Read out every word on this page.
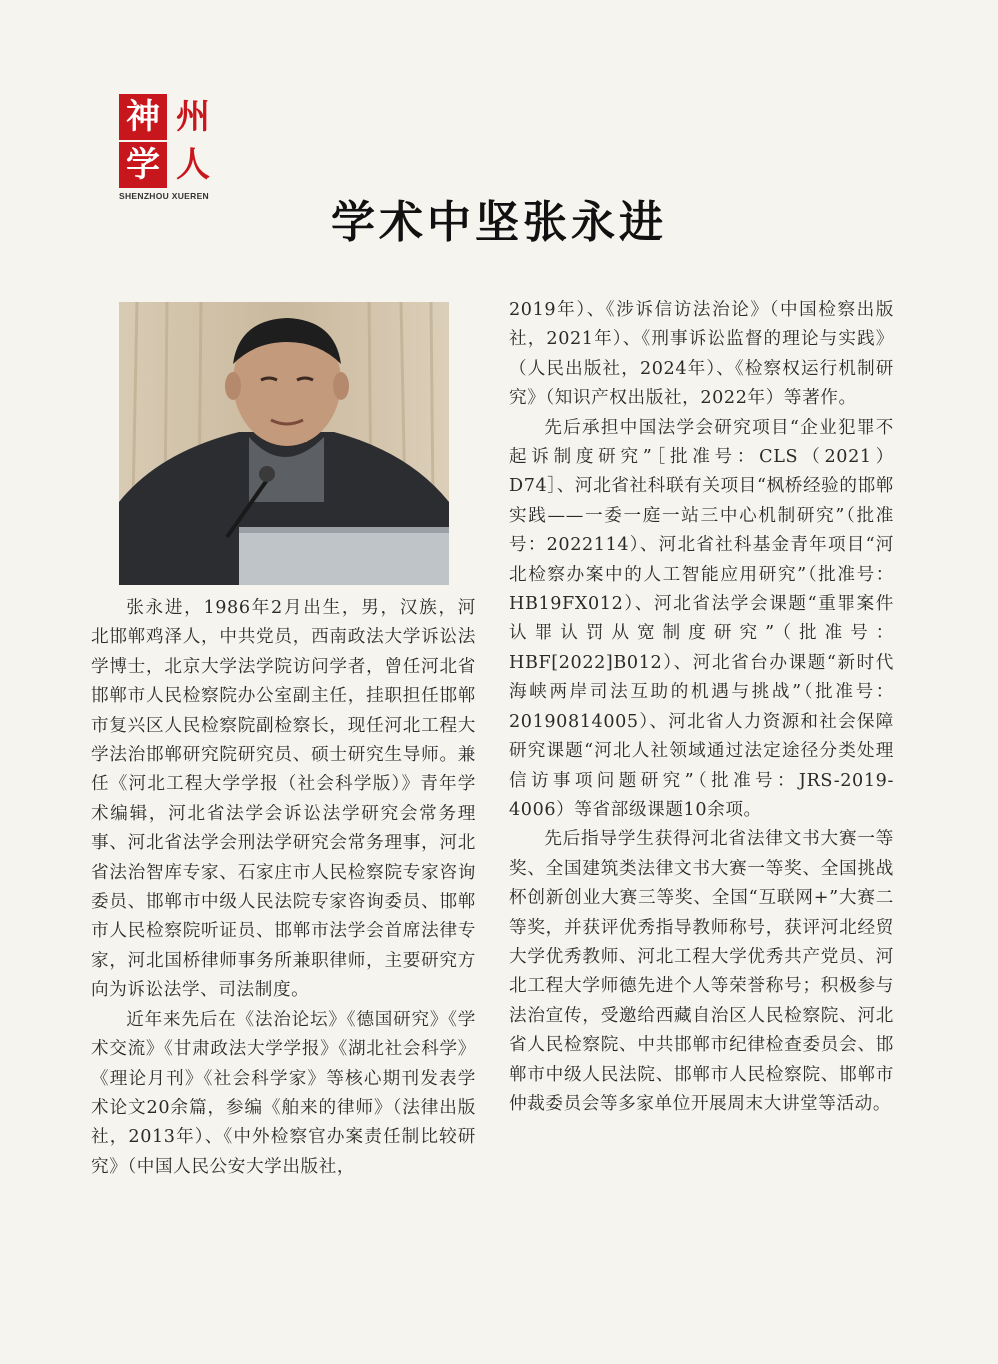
神 州
学 人
SHENZHOU XUEREN
学术中坚张永进

张永进，1986年2月出生，男，汉族，河北邯郸鸡泽人，中共党员，西南政法大学诉讼法学博士，北京大学法学院访问学者，曾任河北省邯郸市人民检察院办公室副主任，挂职担任邯郸市复兴区人民检察院副检察长，现任河北工程大学法治邯郸研究院研究员、硕士研究生导师。兼任《河北工程大学学报（社会科学版）》青年学术编辑，河北省法学会诉讼法学研究会常务理事、河北省法学会刑法学研究会常务理事，河北省法治智库专家、石家庄市人民检察院专家咨询委员、邯郸市中级人民法院专家咨询委员、邯郸市人民检察院听证员、邯郸市法学会首席法律专家，河北国桥律师事务所兼职律师，主要研究方向为诉讼法学、司法制度。

近年来先后在《法治论坛》《德国研究》《学术交流》《甘肃政法大学学报》《湖北社会科学》《理论月刊》《社会科学家》等核心期刊发表学术论文20余篇，参编《舶来的律师》（法律出版社，2013年）、《中外检察官办案责任制比较研究》（中国人民公安大学出版社，

2019年）、《涉诉信访法治论》（中国检察出版社，2021年）、《刑事诉讼监督的理论与实践》（人民出版社，2024年）、《检察权运行机制研究》（知识产权出版社，2022年）等著作。

先后承担中国法学会研究项目“企业犯罪不起诉制度研究”［批准号：CLS（2021）D74］、河北省社科联有关项目“枫桥经验的邯郸实践——一委一庭一站三中心机制研究”（批准号：2022114）、河北省社科基金青年项目“河北检察办案中的人工智能应用研究”（批准号：HB19FX012）、河北省法学会课题“重罪案件认罪认罚从宽制度研究”（批准号：HBF[2022]B012）、河北省台办课题“新时代海峡两岸司法互助的机遇与挑战”（批准号：20190814005）、河北省人力资源和社会保障研究课题“河北人社领域通过法定途径分类处理信访事项问题研究”（批准号：JRS-2019-4006）等省部级课题10余项。

先后指导学生获得河北省法律文书大赛一等奖、全国建筑类法律文书大赛一等奖、全国挑战杯创新创业大赛三等奖、全国“互联网+”大赛二等奖，并获评优秀指导教师称号，获评河北经贸大学优秀教师、河北工程大学优秀共产党员、河北工程大学师德先进个人等荣誉称号；积极参与法治宣传，受邀给西藏自治区人民检察院、河北省人民检察院、中共邯郸市纪律检查委员会、邯郸市中级人民法院、邯郸市人民检察院、邯郸市仲裁委员会等多家单位开展周末大讲堂等活动。
